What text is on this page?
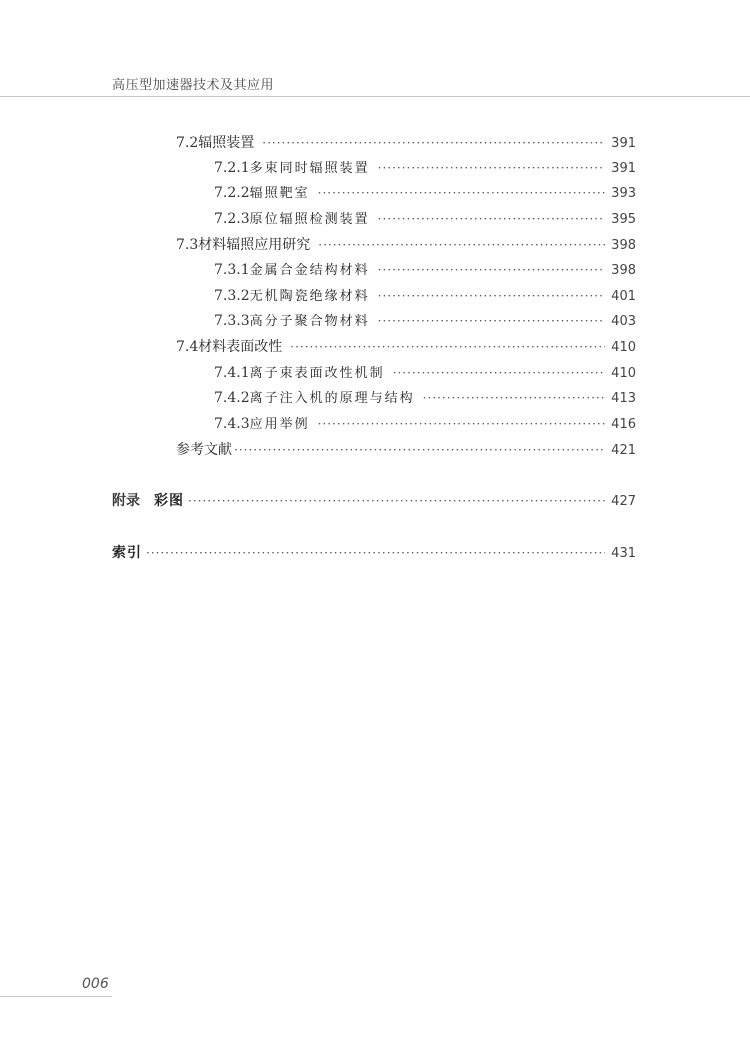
高压型加速器技术及其应用
7.2 辐照装置 ·····	391
7.2.1 多束同时辐照装置 ·····	391
7.2.2 辐照靶室 ·····	393
7.2.3 原位辐照检测装置 ·····	395
7.3 材料辐照应用研究 ·····	398
7.3.1 金属合金结构材料 ·····	398
7.3.2 无机陶瓷绝缘材料 ·····	401
7.3.3 高分子聚合物材料 ·····	403
7.4 材料表面改性 ·····	410
7.4.1 离子束表面改性机制 ·····	410
7.4.2 离子注入机的原理与结构 ·····	413
7.4.3 应用举例 ·····	416
参考文献 ·····	421
附录 彩图 ·····	427
索引 ·····	431
006
